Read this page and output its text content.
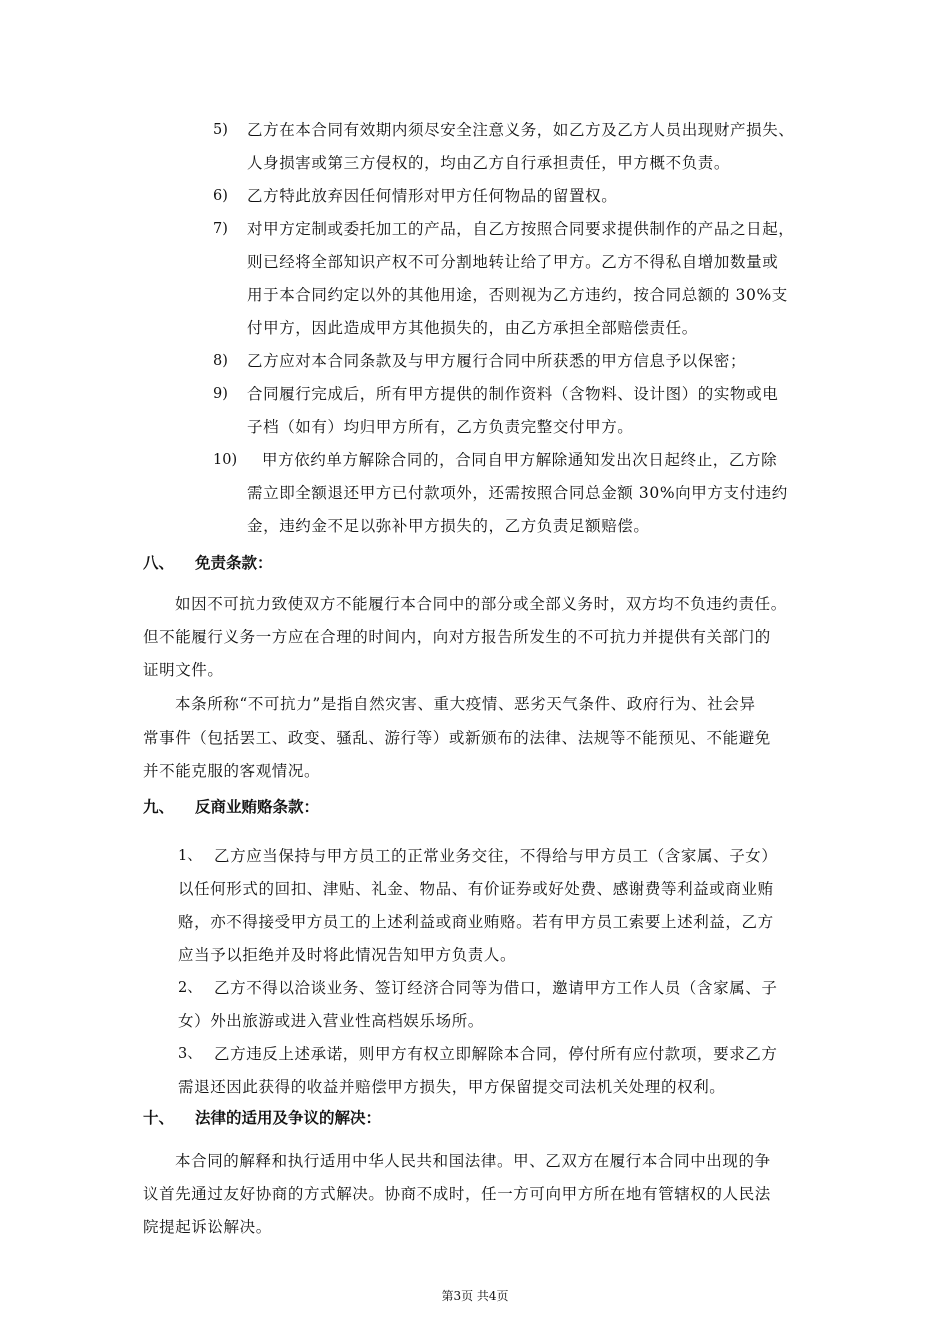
5) 乙方在本合同有效期内须尽安全注意义务，如乙方及乙方人员出现财产损失、
人身损害或第三方侵权的，均由乙方自行承担责任，甲方概不负责。
6) 乙方特此放弃因任何情形对甲方任何物品的留置权。
7) 对甲方定制或委托加工的产品，自乙方按照合同要求提供制作的产品之日起，
则已经将全部知识产权不可分割地转让给了甲方。乙方不得私自增加数量或
用于本合同约定以外的其他用途，否则视为乙方违约，按合同总额的 30%支
付甲方，因此造成甲方其他损失的，由乙方承担全部赔偿责任。
8) 乙方应对本合同条款及与甲方履行合同中所获悉的甲方信息予以保密；
9) 合同履行完成后，所有甲方提供的制作资料（含物料、设计图）的实物或电
子档（如有）均归甲方所有，乙方负责完整交付甲方。
10) 甲方依约单方解除合同的，合同自甲方解除通知发出次日起终止，乙方除
需立即全额退还甲方已付款项外，还需按照合同总金额 30%向甲方支付违约
金，违约金不足以弥补甲方损失的，乙方负责足额赔偿。
八、 免责条款：
如因不可抗力致使双方不能履行本合同中的部分或全部义务时，双方均不负违约责任。
但不能履行义务一方应在合理的时间内，向对方报告所发生的不可抗力并提供有关部门的
证明文件。
本条所称“不可抗力”是指自然灾害、重大疫情、恶劣天气条件、政府行为、社会异
常事件（包括罢工、政变、骚乱、游行等）或新颁布的法律、法规等不能预见、不能避免
并不能克服的客观情况。
九、 反商业贿赂条款：
1、 乙方应当保持与甲方员工的正常业务交往，不得给与甲方员工（含家属、子女）
以任何形式的回扣、津贴、礼金、物品、有价证券或好处费、感谢费等利益或商业贿
赂，亦不得接受甲方员工的上述利益或商业贿赂。若有甲方员工索要上述利益，乙方
应当予以拒绝并及时将此情况告知甲方负责人。
2、 乙方不得以洽谈业务、签订经济合同等为借口，邀请甲方工作人员（含家属、子
女）外出旅游或进入营业性高档娱乐场所。
3、 乙方违反上述承诺，则甲方有权立即解除本合同，停付所有应付款项，要求乙方
需退还因此获得的收益并赔偿甲方损失，甲方保留提交司法机关处理的权利。
十、 法律的适用及争议的解决：
本合同的解释和执行适用中华人民共和国法律。甲、乙双方在履行本合同中出现的争
议首先通过友好协商的方式解决。协商不成时，任一方可向甲方所在地有管辖权的人民法
院提起诉讼解决。
第3页 共4页
